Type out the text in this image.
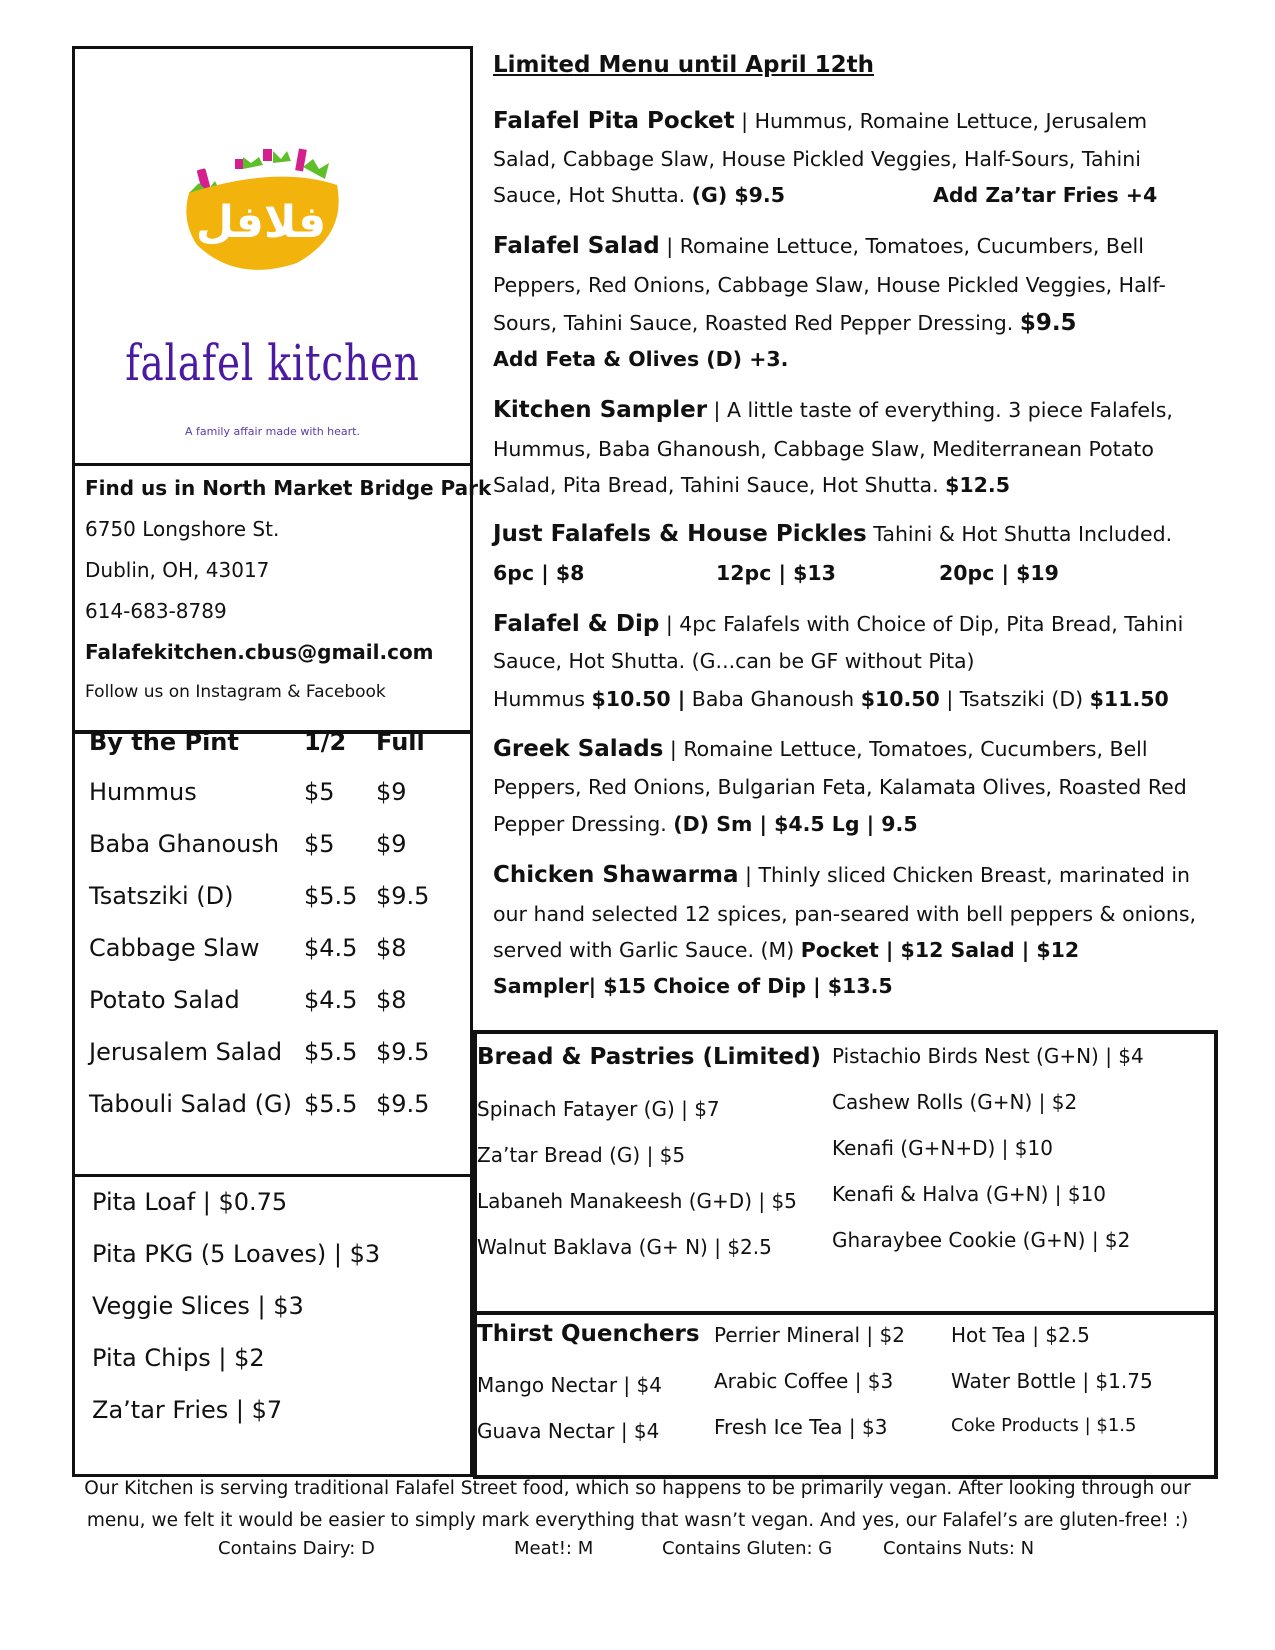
فلافل
falafel kitchen
A family affair made with heart.
Find us in North Market Bridge Park
6750 Longshore St.
Dublin, OH, 43017
614-683-8789
Falafekitchen.cbus@gmail.com
Follow us on Instagram & Facebook
By the Pint	1/2 Full
Hummus	$5 $9
Baba Ghanoush $5 $9
Tsatsziki (D)	$5.5 $9.5
Cabbage Slaw $4.5 $8
Potato Salad	$4.5 $8
Jerusalem Salad $5.5 $9.5
Tabouli Salad (G) $5.5 $9.5
Pita Loaf | $0.75
Pita PKG (5 Loaves) | $3
Veggie Slices | $3
Pita Chips | $2
Za’tar Fries | $7
Limited Menu until April 12th
Falafel Pita Pocket | Hummus, Romaine Lettuce, Jerusalem
Salad, Cabbage Slaw, House Pickled Veggies, Half-Sours, Tahini
Sauce, Hot Shutta. (G) $9.5	Add Za’tar Fries +4
Falafel Salad | Romaine Lettuce, Tomatoes, Cucumbers, Bell
Peppers, Red Onions, Cabbage Slaw, House Pickled Veggies, Half-
Sours, Tahini Sauce, Roasted Red Pepper Dressing. $9.5
Add Feta & Olives (D) +3.
Kitchen Sampler | A little taste of everything. 3 piece Falafels,
Hummus, Baba Ghanoush, Cabbage Slaw, Mediterranean Potato
Salad, Pita Bread, Tahini Sauce, Hot Shutta. $12.5
Just Falafels & House Pickles Tahini & Hot Shutta Included.
6pc | $8	12pc | $13	20pc | $19
Falafel & Dip | 4pc Falafels with Choice of Dip, Pita Bread, Tahini
Sauce, Hot Shutta. (G...can be GF without Pita)
Hummus $10.50 | Baba Ghanoush $10.50 | Tsatsziki (D) $11.50
Greek Salads | Romaine Lettuce, Tomatoes, Cucumbers, Bell
Peppers, Red Onions, Bulgarian Feta, Kalamata Olives, Roasted Red
Pepper Dressing. (D) Sm | $4.5 Lg | 9.5
Chicken Shawarma | Thinly sliced Chicken Breast, marinated in
our hand selected 12 spices, pan-seared with bell peppers & onions,
served with Garlic Sauce. (M) Pocket | $12 Salad | $12
Sampler| $15 Choice of Dip | $13.5
Bread & Pastries (Limited)
Spinach Fatayer (G) | $7
Za’tar Bread (G) | $5
Labaneh Manakeesh (G+D) | $5
Walnut Baklava (G+ N) | $2.5
Pistachio Birds Nest (G+N) | $4
Cashew Rolls (G+N) | $2
Kenafi (G+N+D) | $10
Kenafi & Halva (G+N) | $10
Gharaybee Cookie (G+N) | $2
Thirst Quenchers
Mango Nectar | $4
Guava Nectar | $4
Perrier Mineral | $2
Arabic Coffee | $3
Fresh Ice Tea | $3
Hot Tea | $2.5
Water Bottle | $1.75
Coke Products | $1.5
Our Kitchen is serving traditional Falafel Street food, which so happens to be primarily vegan. After looking through our
menu, we felt it would be easier to simply mark everything that wasn’t vegan. And yes, our Falafel’s are gluten-free! :)
Contains Dairy: D	Meat!: M	Contains Gluten: G	Contains Nuts: N
